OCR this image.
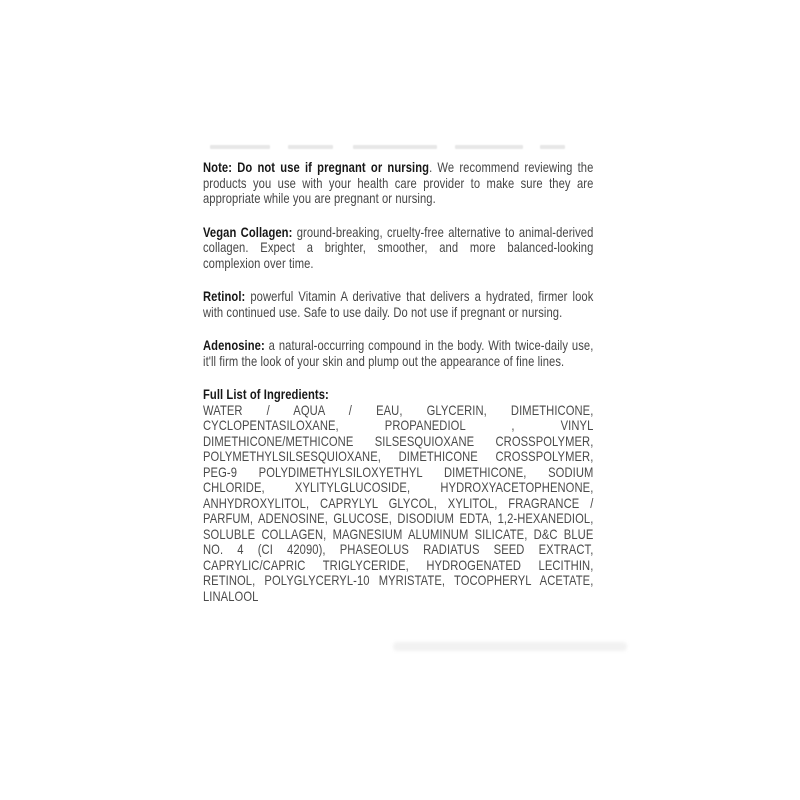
Note: Do not use if pregnant or nursing. We recommend reviewing the products you use with your health care provider to make sure they are appropriate while you are pregnant or nursing.

Vegan Collagen: ground-breaking, cruelty-free alternative to animal-derived collagen. Expect a brighter, smoother, and more balanced-looking complexion over time.

Retinol: powerful Vitamin A derivative that delivers a hydrated, firmer look with continued use. Safe to use daily. Do not use if pregnant or nursing.

Adenosine: a natural-occurring compound in the body. With twice-daily use, it'll firm the look of your skin and plump out the appearance of fine lines.

Full List of Ingredients:
WATER / AQUA / EAU, GLYCERIN, DIMETHICONE, CYCLOPENTASILOXANE, PROPANEDIOL , VINYL DIMETHICONE/METHICONE SILSESQUIOXANE CROSSPOLYMER, POLYMETHYLSILSESQUIOXANE, DIMETHICONE CROSSPOLYMER, PEG-9 POLYDIMETHYLSILOXYETHYL DIMETHICONE, SODIUM CHLORIDE, XYLITYLGLUCOSIDE, HYDROXYACETOPHENONE, ANHYDROXYLITOL, CAPRYLYL GLYCOL, XYLITOL, FRAGRANCE / PARFUM, ADENOSINE, GLUCOSE, DISODIUM EDTA, 1,2-HEXANEDIOL, SOLUBLE COLLAGEN, MAGNESIUM ALUMINUM SILICATE, D&C BLUE NO. 4 (CI 42090), PHASEOLUS RADIATUS SEED EXTRACT, CAPRYLIC/CAPRIC TRIGLYCERIDE, HYDROGENATED LECITHIN, RETINOL, POLYGLYCERYL-10 MYRISTATE, TOCOPHERYL ACETATE, LINALOOL
